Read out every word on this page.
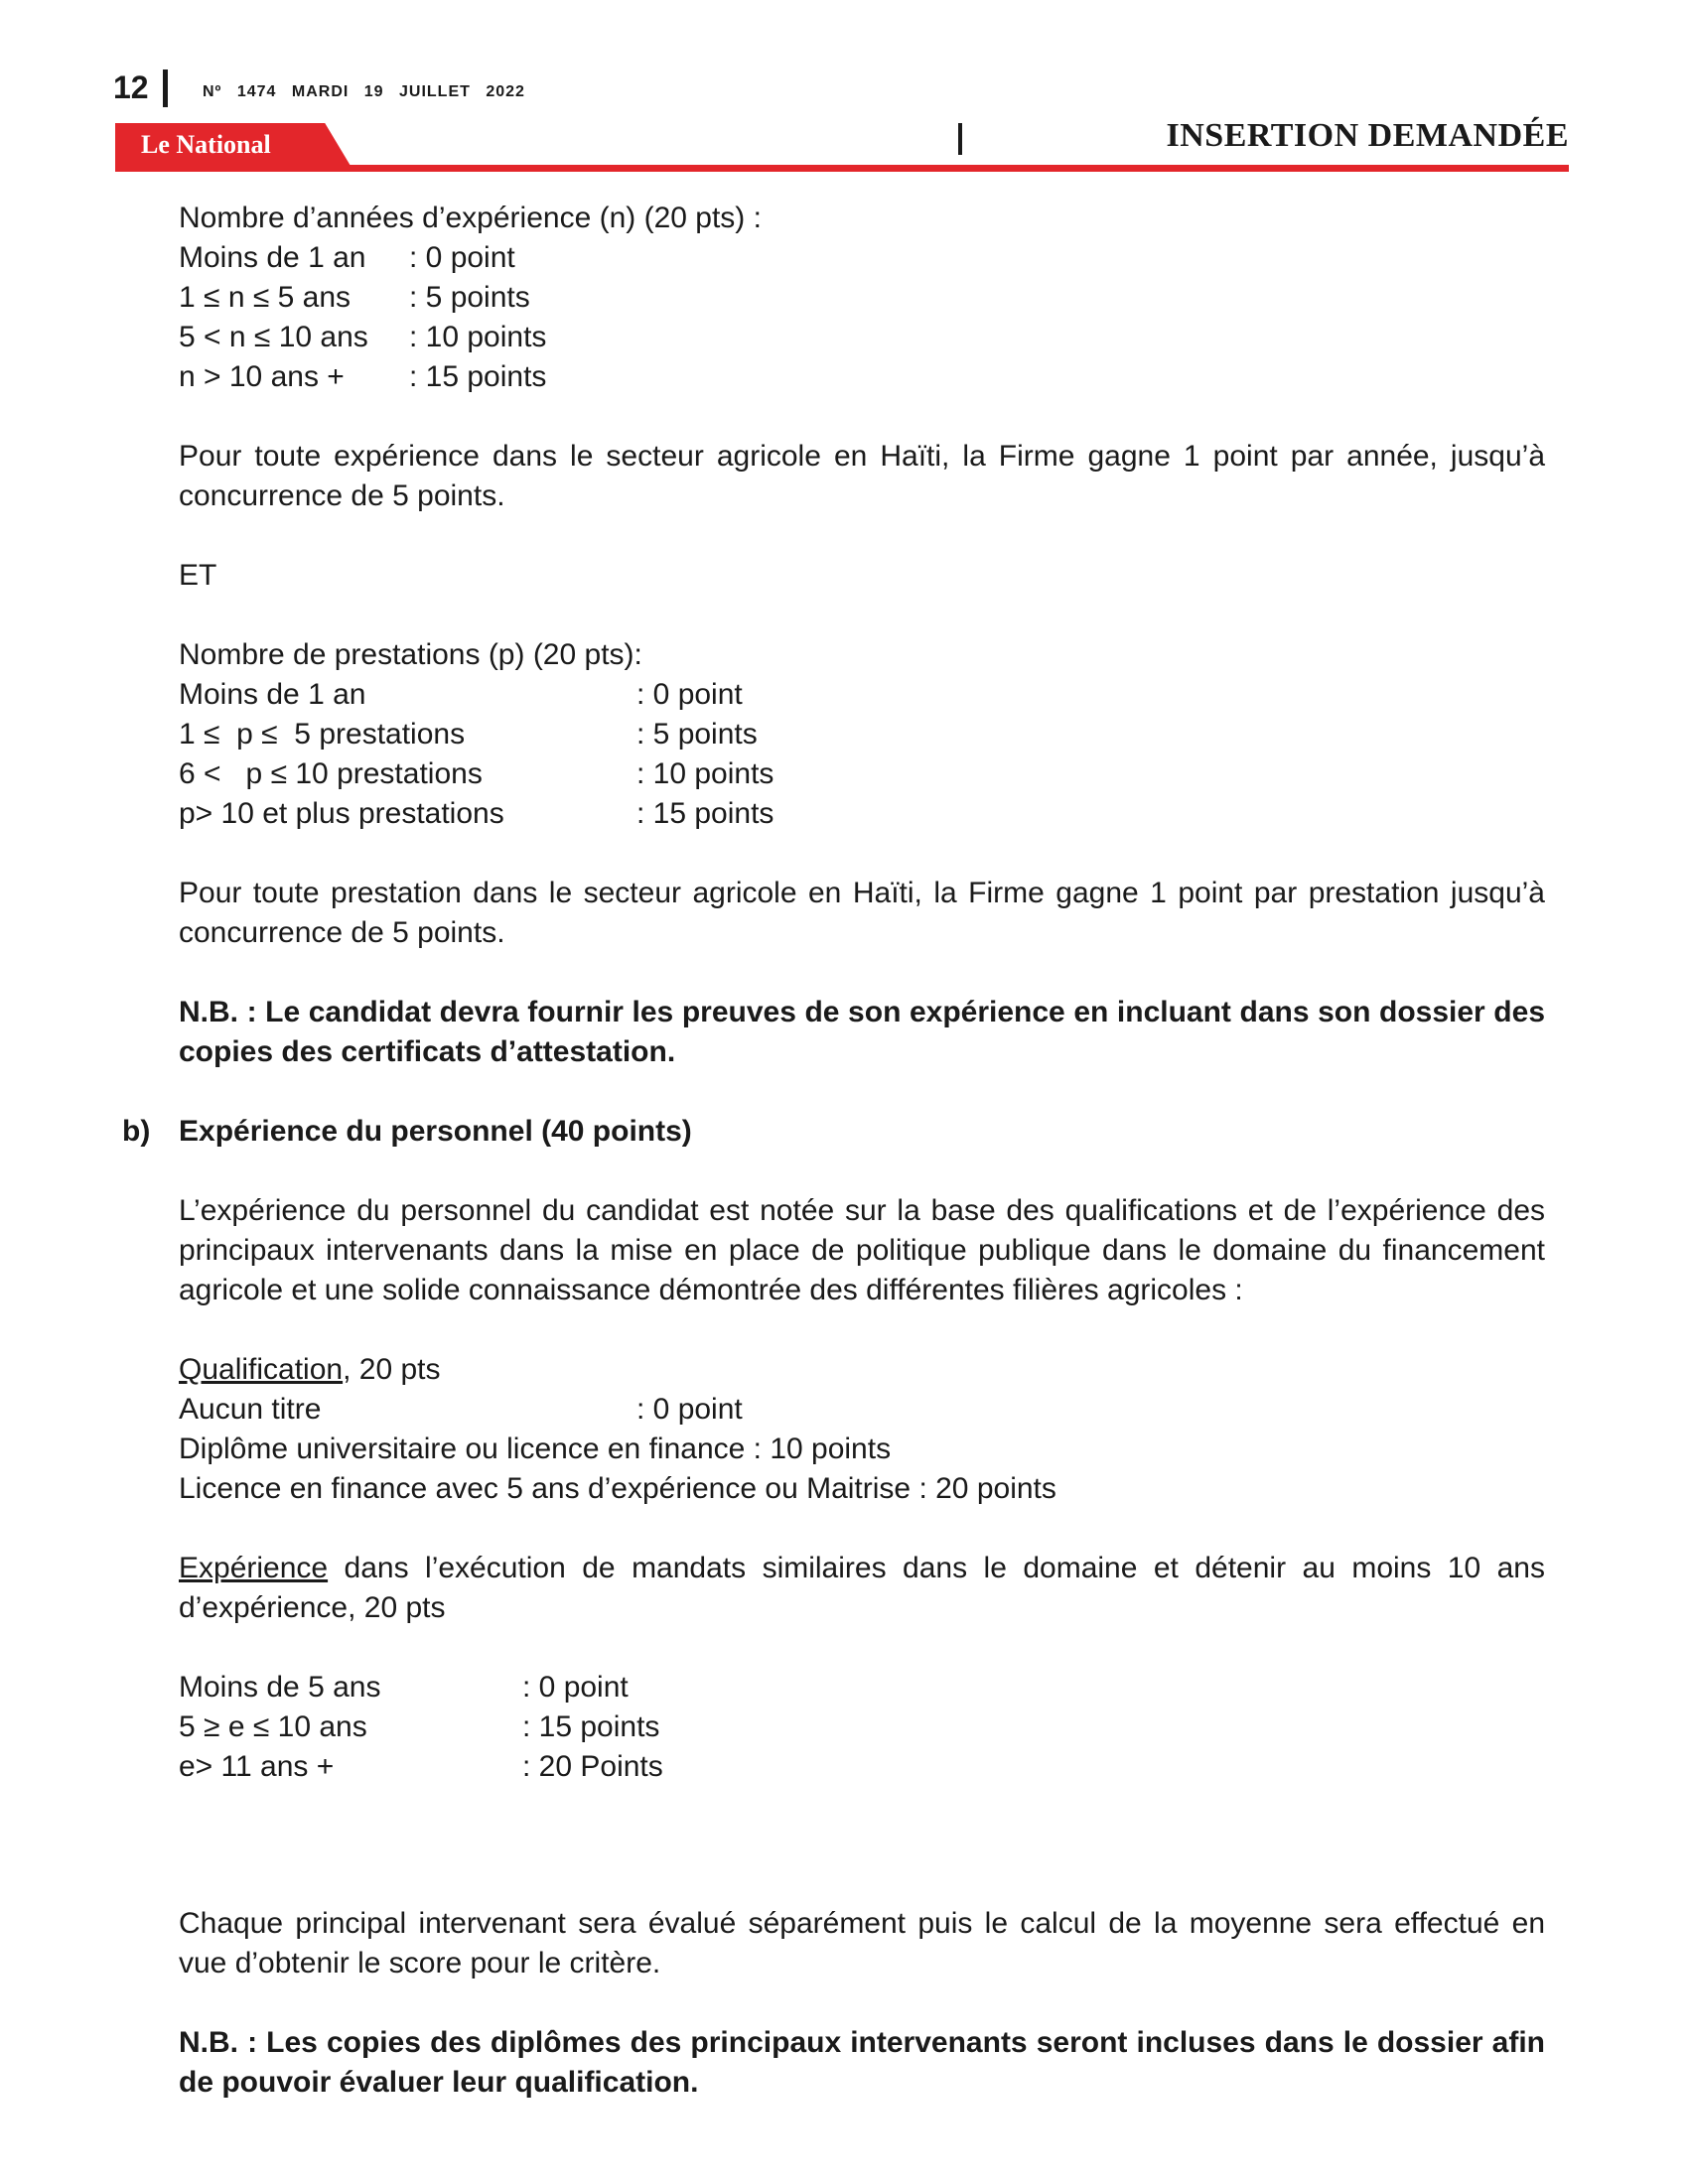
12	Nº 1474 MARDI 19 JUILLET 2022
Le National	INSERTION DEMANDÉE
Nombre d’années d’expérience (n) (20 pts) :
Moins de 1 an	: 0 point
1 ≤ n ≤ 5 ans	: 5 points
5 < n ≤ 10 ans	: 10 points
n > 10 ans +	: 15 points

Pour toute expérience dans le secteur agricole en Haïti, la Firme gagne 1 point par année, jusqu’à concurrence de 5 points.

ET

Nombre de prestations (p) (20 pts):
Moins de 1 an	: 0 point
1 ≤  p ≤  5 prestations	: 5 points
6 <   p ≤ 10 prestations	: 10 points
p> 10 et plus prestations	: 15 points

Pour toute prestation dans le secteur agricole en Haïti, la Firme gagne 1 point par prestation jusqu’à concurrence de 5 points.

N.B. : Le candidat devra fournir les preuves de son expérience en incluant dans son dossier des copies des certificats d’attestation.

b) Expérience du personnel (40 points)

L’expérience du personnel du candidat est notée sur la base des qualifications et de l’expérience des principaux intervenants dans la mise en place de politique publique dans le domaine du financement agricole et une solide connaissance démontrée des différentes filières agricoles :

Qualification, 20 pts
Aucun titre	: 0 point
Diplôme universitaire ou licence en finance : 10 points
Licence en finance avec 5 ans d’expérience ou Maitrise : 20 points

Expérience dans l’exécution de mandats similaires dans le domaine et détenir au moins 10 ans d’expérience, 20 pts

Moins de 5 ans	: 0 point
5 ≥ e ≤ 10 ans	: 15 points
e> 11 ans +	: 20 Points

Chaque principal intervenant sera évalué séparément puis le calcul de la moyenne sera effectué en vue d’obtenir le score pour le critère.

N.B. : Les copies des diplômes des principaux intervenants seront incluses dans le dossier afin de pouvoir évaluer leur qualification.
